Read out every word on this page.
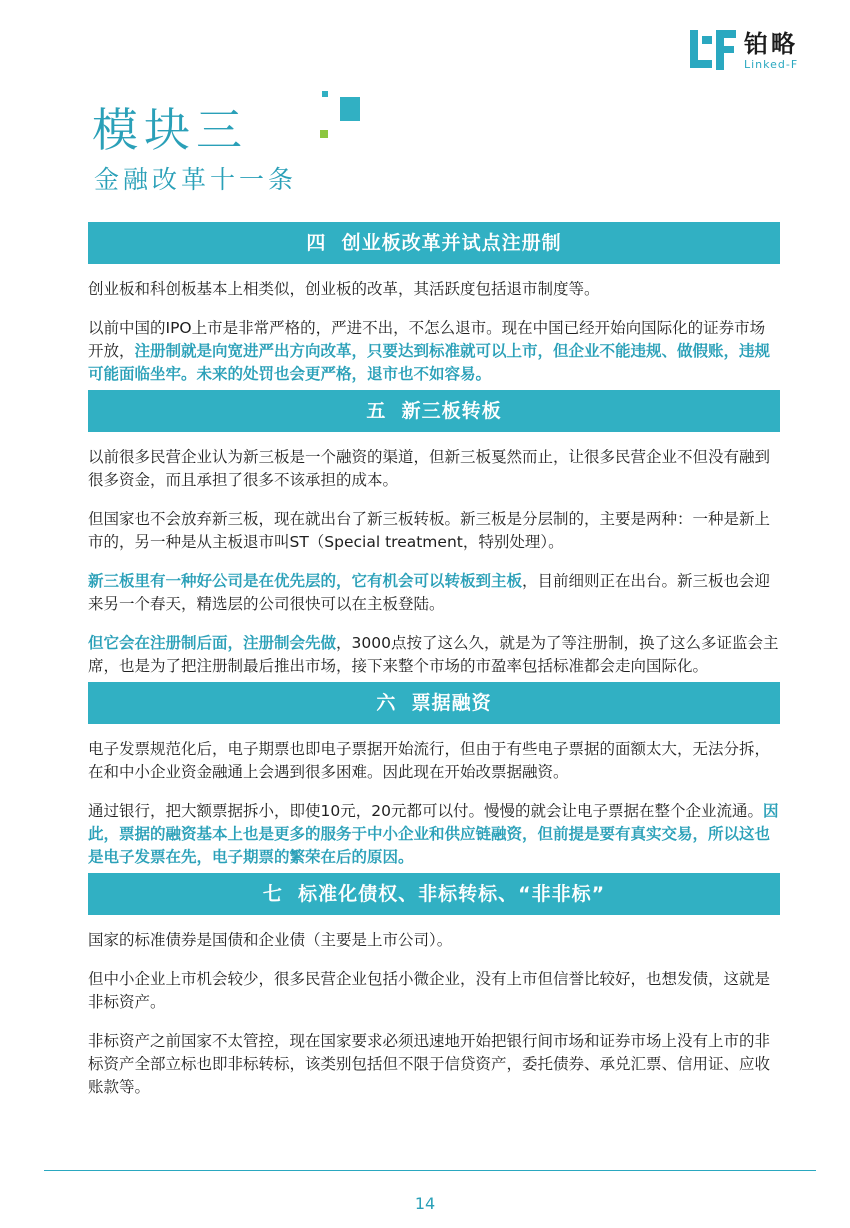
铂略
Linked-F
模块三
金融改革十一条
四  创业板改革并试点注册制

创业板和科创板基本上相类似，创业板的改革，其活跃度包括退市制度等。

以前中国的IPO上市是非常严格的，严进不出，不怎么退市。现在中国已经开始向国际化的证券市场开放，注册制就是向宽进严出方向改革，只要达到标准就可以上市，但企业不能违规、做假账，违规可能面临坐牢。未来的处罚也会更严格，退市也不如容易。

五  新三板转板

以前很多民营企业认为新三板是一个融资的渠道，但新三板戛然而止，让很多民营企业不但没有融到很多资金，而且承担了很多不该承担的成本。

但国家也不会放弃新三板，现在就出台了新三板转板。新三板是分层制的，主要是两种：一种是新上市的，另一种是从主板退市叫ST（Special treatment，特别处理）。

新三板里有一种好公司是在优先层的，它有机会可以转板到主板，目前细则正在出台。新三板也会迎来另一个春天，精选层的公司很快可以在主板登陆。

但它会在注册制后面，注册制会先做，3000点按了这么久，就是为了等注册制，换了这么多证监会主席，也是为了把注册制最后推出市场，接下来整个市场的市盈率包括标准都会走向国际化。

六  票据融资

电子发票规范化后，电子期票也即电子票据开始流行，但由于有些电子票据的面额太大，无法分拆，在和中小企业资金融通上会遇到很多困难。因此现在开始改票据融资。

通过银行，把大额票据拆小，即使10元，20元都可以付。慢慢的就会让电子票据在整个企业流通。因此，票据的融资基本上也是更多的服务于中小企业和供应链融资，但前提是要有真实交易，所以这也是电子发票在先，电子期票的繁荣在后的原因。

七  标准化债权、非标转标、“非非标”

国家的标准债券是国债和企业债（主要是上市公司）。

但中小企业上市机会较少，很多民营企业包括小微企业，没有上市但信誉比较好，也想发债，这就是非标资产。

非标资产之前国家不太管控，现在国家要求必须迅速地开始把银行间市场和证券市场上没有上市的非标资产全部立标也即非标转标，该类别包括但不限于信贷资产，委托债券、承兑汇票、信用证、应收账款等。

14
